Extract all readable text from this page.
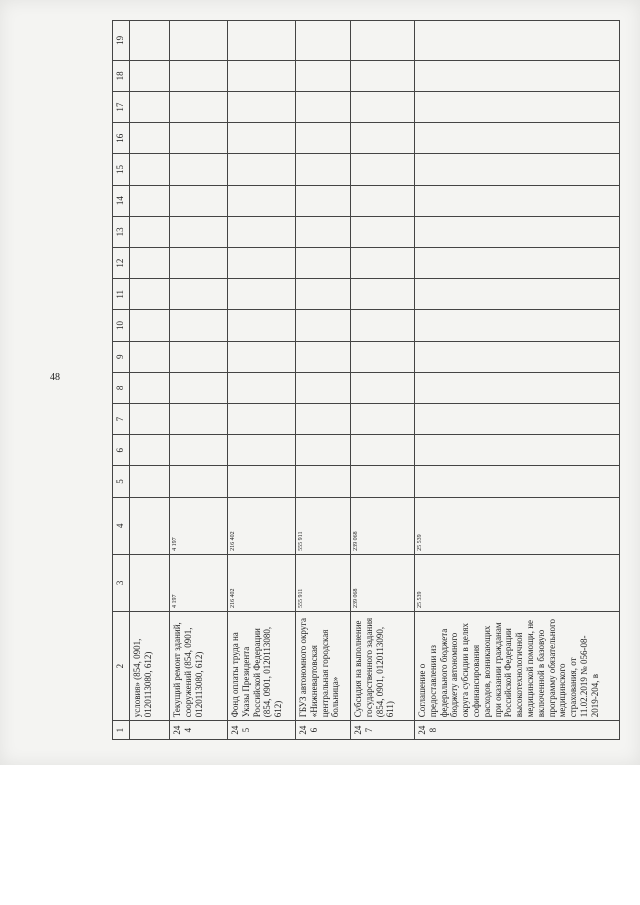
48
1	2	3	4	5	6	7	8	9	10	11	12	13	14	15	16	17	18	19
	условия» (854, 0901, 0120113080, 612)																	
244	Текущий ремонт зданий, сооружений (854, 0901, 0120113080, 612)	4 197	4 197															
245	Фонд оплаты труда на Указы Президента Российской Федерации (854, 0901, 0120113080, 612)	216 402	216 402															
246	ГБУЗ автономного округа «Нижневартовская центральная городская больница»	555 911	555 911															
247	Субсидия на выполнение государственного задания (854, 0901, 0120113090, 611)	239 068	239 068															
248	Соглашение о предоставлении из федерального бюджета бюджету автономного округа субсидии в целях софинансирования расходов, возникающих при оказании гражданам Российской Федерации высокотехнологичной медицинской помощи, не включенной в базовую программу обязательного медицинского страхования, от 11.02.2019 № 056-08-2019-204, в	25 539	25 539															
